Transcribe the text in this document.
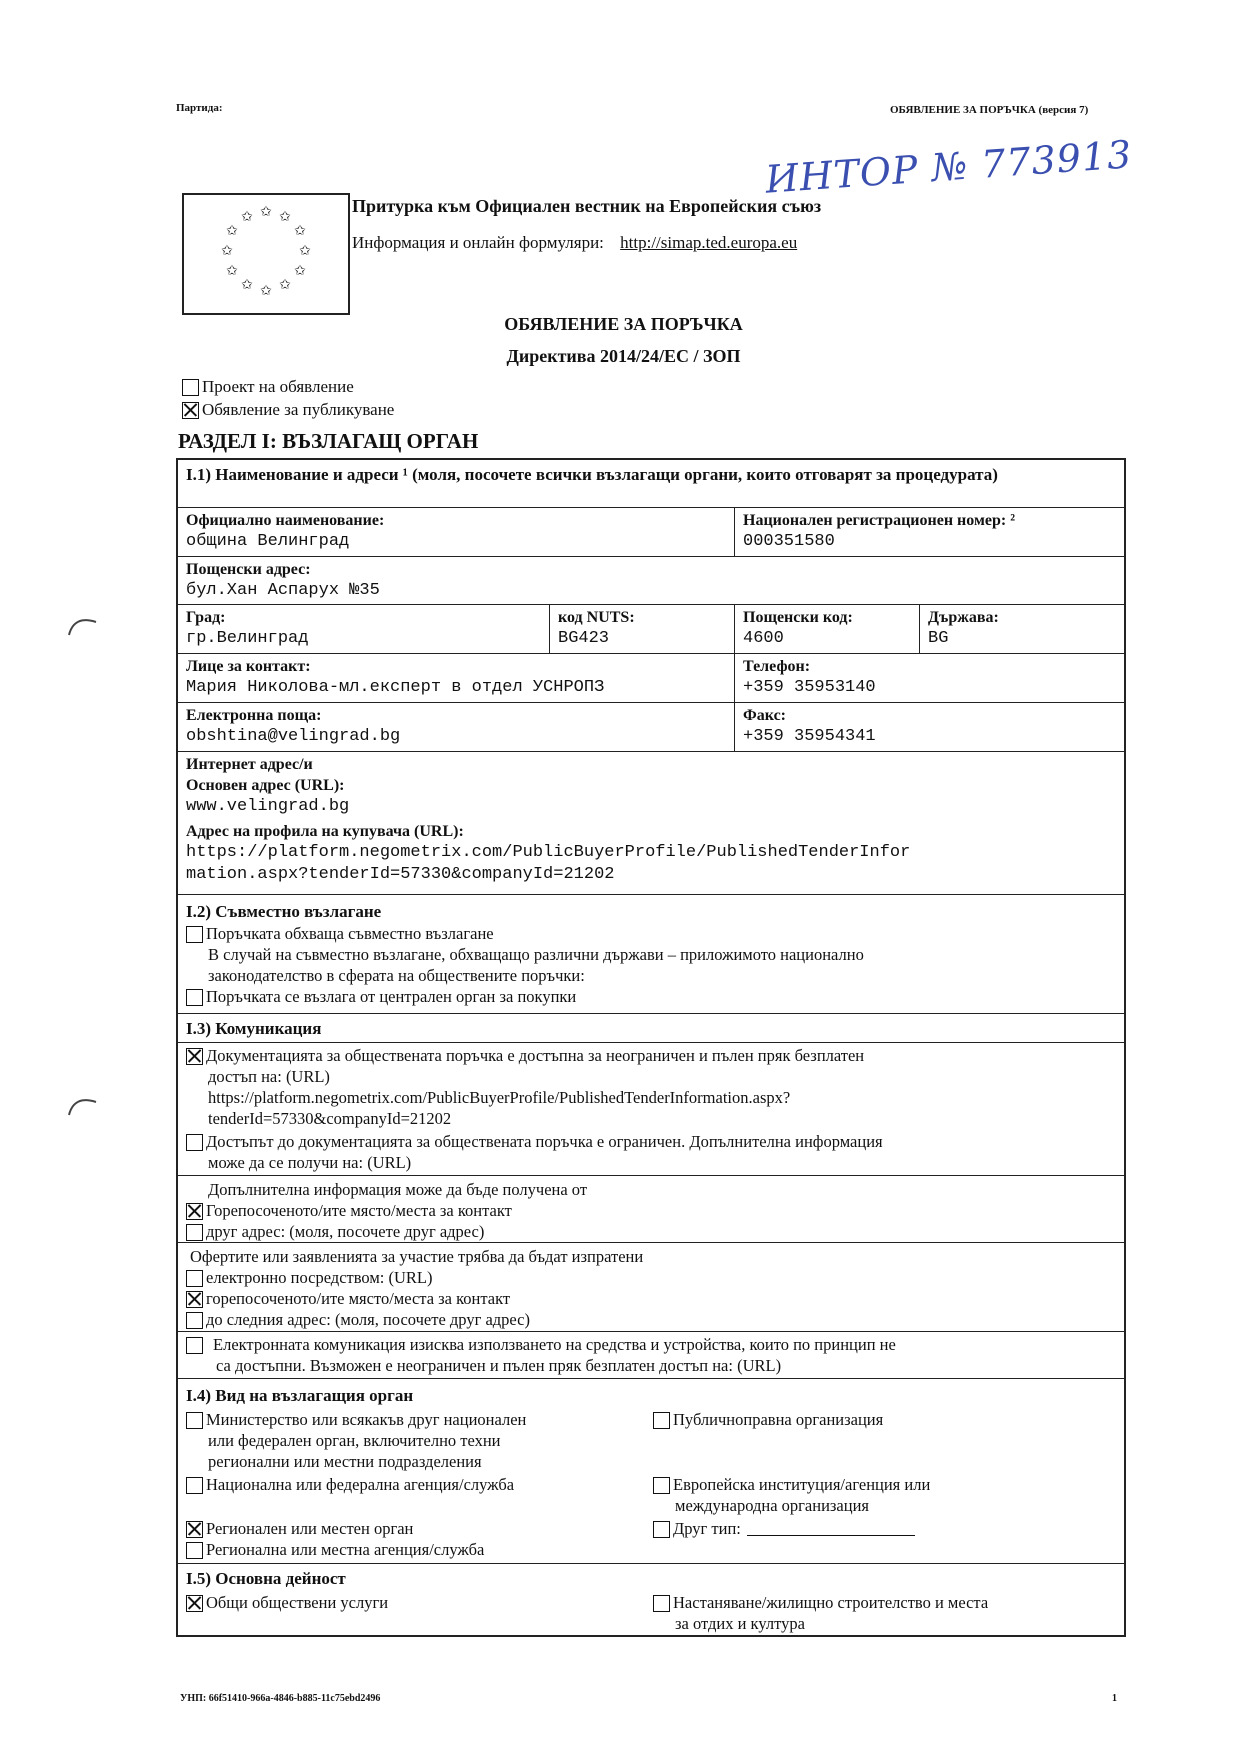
Партида:	ОБЯВЛЕНИЕ ЗА ПОРЪЧКА (версия 7)
ИНТОР № 773913
✩ ✩
✩
✩
✩
✩
✩
✩
✩
✩
✩
✩
Притурка към Официален вестник на Европейския съюз
Информация и онлайн формуляри: http://simap.ted.europa.eu
ОБЯВЛЕНИЕ ЗА ПОРЪЧКА
Директива 2014/24/ЕС / ЗОП
Проект на обявление
Обявление за публикуване
РАЗДЕЛ I: ВЪЗЛАГАЩ ОРГАН
I.1) Наименование и адреси ¹ (моля, посочете всички възлагащи органи, които отговарят за процедурата)
Официално наименование:
община Велинград
Национален регистрационен номер: ²
000351580
Пощенски адрес:
бул.Хан Аспарух №35
Град:
гр.Велинград
код NUTS:
BG423
Пощенски код:
4600
Държава:
BG
Лице за контакт:
Мария Николова-мл.експерт в отдел УСНРОПЗ
Телефон:
+359 35953140
Електронна поща:
obshtina@velingrad.bg
Факс:
+359 35954341
Интернет адрес/и
Основен адрес (URL):
www.velingrad.bg
Адрес на профила на купувача (URL):
https://platform.negometrix.com/PublicBuyerProfile/PublishedTenderInfor
mation.aspx?tenderId=57330&companyId=21202
I.2) Съвместно възлагане
Поръчката обхваща съвместно възлагане
В случай на съвместно възлагане, обхващащо различни държави – приложимото национално
законодателство в сферата на обществените поръчки:
Поръчката се възлага от централен орган за покупки
I.3) Комуникация
Документацията за обществената поръчка е достъпна за неограничен и пълен пряк безплатен
достъп на: (URL)
https://platform.negometrix.com/PublicBuyerProfile/PublishedTenderInformation.aspx?
tenderId=57330&companyId=21202
Достъпът до документацията за обществената поръчка е ограничен. Допълнителна информация
може да се получи на: (URL)
Допълнителна информация може да бъде получена от
Горепосоченото/ите място/места за контакт
друг адрес: (моля, посочете друг адрес)
Офертите или заявленията за участие трябва да бъдат изпратени
електронно посредством: (URL)
горепосоченото/ите място/места за контакт
до следния адрес: (моля, посочете друг адрес)
Електронната комуникация изисква използването на средства и устройства, които по принцип не
са достъпни. Възможен е неограничен и пълен пряк безплатен достъп на: (URL)
I.4) Вид на възлагащия орган
Министерство или всякакъв друг национален
или федерален орган, включително техни
регионални или местни подразделения
Национална или федерална агенция/служба
Регионален или местен орган
Регионална или местна агенция/служба
Публичноправна организация
Европейска институция/агенция или
международна организация
Друг тип:
I.5) Основна дейност
Общи обществени услуги	Настаняване/жилищно строителство и места
за отдих и култура
УНП: 66f51410-966a-4846-b885-11c75ebd2496	1
